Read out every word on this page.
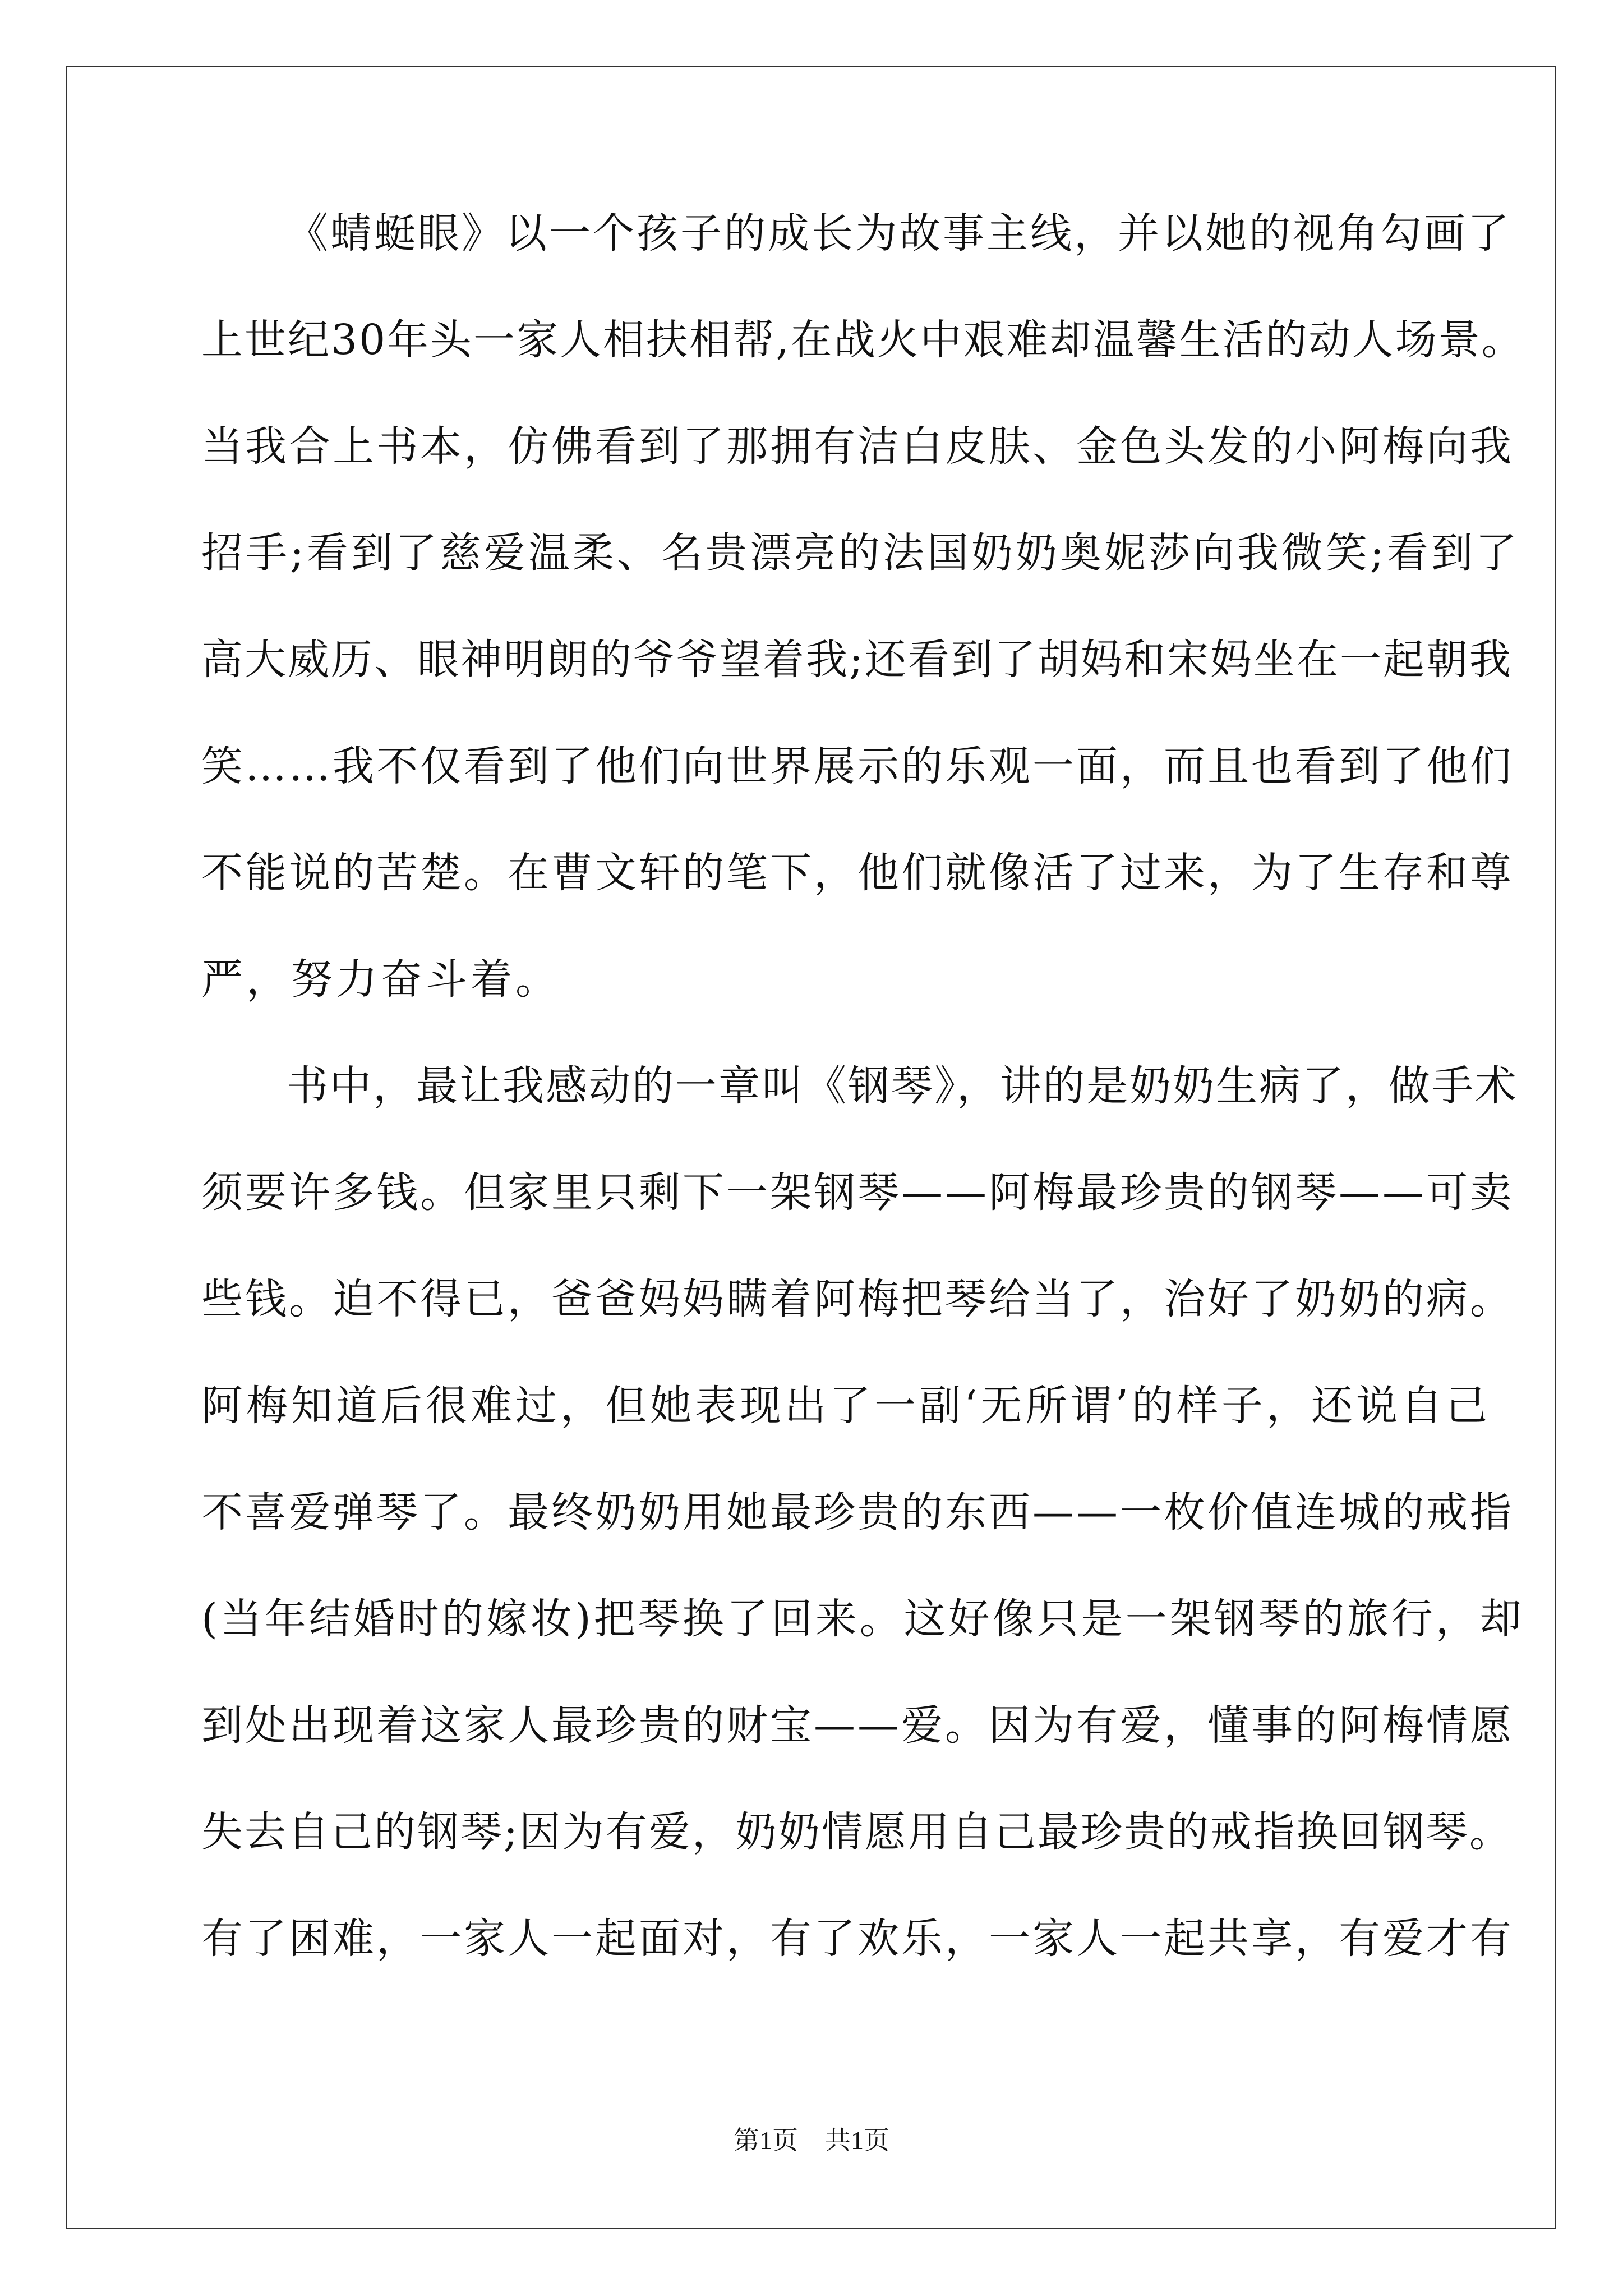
《蜻蜓眼》以一个孩子的成长为故事主线，并以她的视角勾画了
上世纪30年头一家人相扶相帮,在战火中艰难却温馨生活的动人场景。
当我合上书本，仿佛看到了那拥有洁白皮肤、金色头发的小阿梅向我
招手;看到了慈爱温柔、名贵漂亮的法国奶奶奥妮莎向我微笑;看到了
高大威历、眼神明朗的爷爷望着我;还看到了胡妈和宋妈坐在一起朝我
笑……我不仅看到了他们向世界展示的乐观一面，而且也看到了他们
不能说的苦楚。在曹文轩的笔下，他们就像活了过来，为了生存和尊
严，努力奋斗着。
书中，最让我感动的一章叫《钢琴》，讲的是奶奶生病了，做手术
须要许多钱。但家里只剩下一架钢琴——阿梅最珍贵的钢琴——可卖
些钱。迫不得已，爸爸妈妈瞒着阿梅把琴给当了，治好了奶奶的病。
阿梅知道后很难过，但她表现出了一副‘无所谓’的样子，还说自己
不喜爱弹琴了。最终奶奶用她最珍贵的东西——一枚价值连城的戒指
(当年结婚时的嫁妆)把琴换了回来。这好像只是一架钢琴的旅行，却
到处出现着这家人最珍贵的财宝——爱。因为有爱，懂事的阿梅情愿
失去自己的钢琴;因为有爱，奶奶情愿用自己最珍贵的戒指换回钢琴。
有了困难，一家人一起面对，有了欢乐，一家人一起共享，有爱才有
第1页 共1页
